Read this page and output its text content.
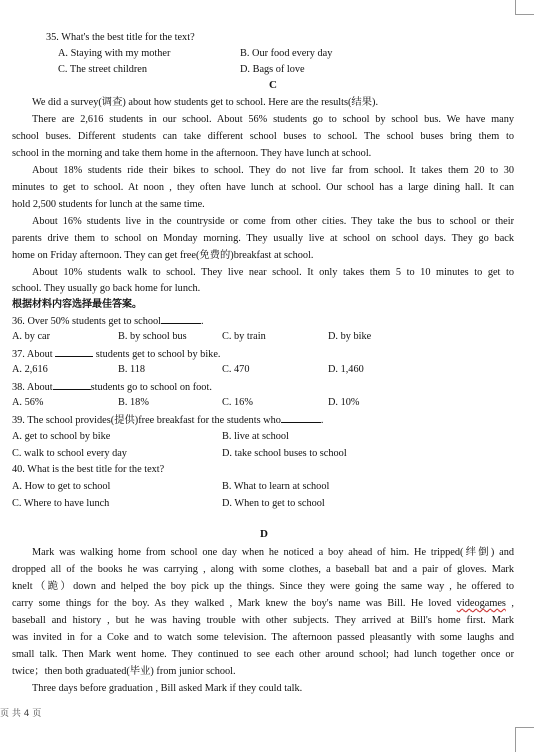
35. What's the best title for the text?
A. Staying with my mother	B. Our food every day
C. The street children	D. Bags of love
C
We did a survey(调查) about how students get to school. Here are the results(结果).
There are 2,616 students in our school. About 56% students go to school by school bus. We have many
school buses. Different students can take different school buses to school. The school buses bring them to
school in the morning and take them home in the afternoon. They have lunch at school.
About 18% students ride their bikes to school. They do not live far from school. It takes them 20 to 30
minutes to get to school. At noon , they often have lunch at school. Our school has a large dining hall. It can
hold 2,500 students for lunch at the same time.
About 16% students live in the countryside or come from other cities. They take the bus to school or their
parents drive them to school on Monday morning. They usually live at school on school days. They go back
home on Friday afternoon. They can get free(免费的)breakfast at school.
About 10% students walk to school. They live near school. It only takes them 5 to 10 minutes to get to
school. They usually go back home for lunch.
根据材料内容选择最佳答案。
36. Over 50% students get to school	.
A. by car	B. by school bus	C. by train	D. by bike
37. About	students get to school by bike.
A. 2,616	B. 118	C. 470	D. 1,460
38. About	students go to school on foot.
A. 56%	B. 18%	C. 16%	D. 10%
39. The school provides(提供)free breakfast for the students who	.
A. get to school by bike	B. live at school
C. walk to school every day	D. take school buses to school
40. What is the best title for the text?
A. How to get to school	B. What to learn at school
C. Where to have lunch	D. When to get to school
D
Mark was walking home from school one day when he noticed a boy ahead of him. He tripped(绊倒) and
dropped all of the books he was carrying , along with some clothes, a baseball bat and a pair of gloves. Mark
knelt（跪）down and helped the boy pick up the things. Since they were going the same way , he offered to
carry some things for the boy. As they walked , Mark knew the boy's name was Bill. He loved videogames ,
baseball and history , but he was having trouble with other subjects. They arrived at Bill's home first. Mark
was invited in for a Coke and to watch some television. The afternoon passed pleasantly with some laughs and
small talk. Then Mark went home. They continued to see each other around school; had lunch together once or
twice；then both graduated(毕业) from junior school.
Three days before graduation , Bill asked Mark if they could talk.
页 共 4 页
